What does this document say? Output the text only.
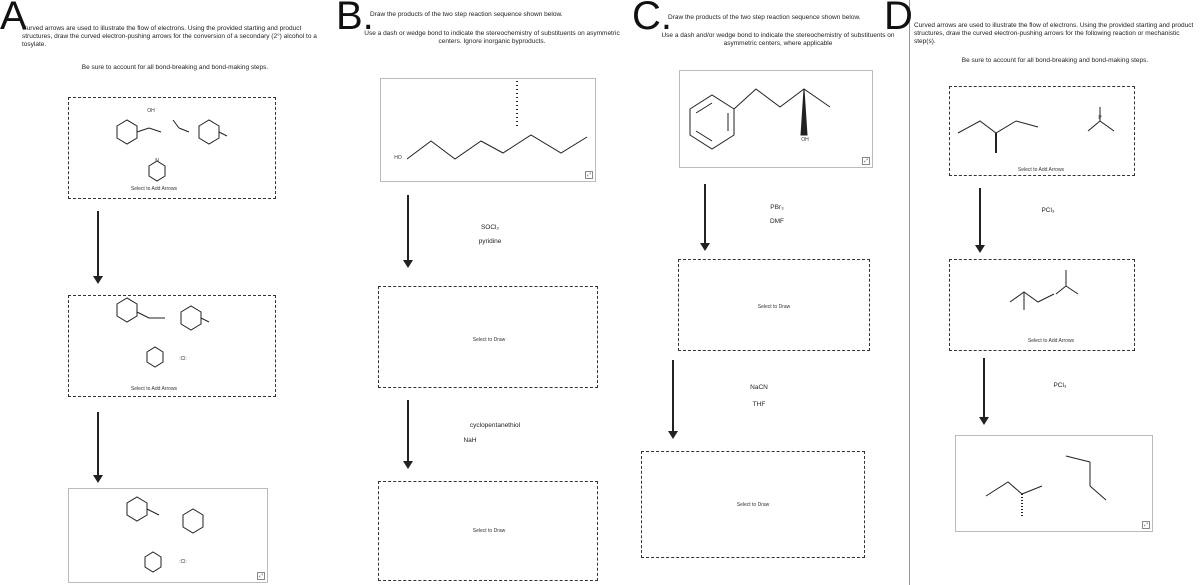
A
Curved arrows are used to illustrate the flow of electrons. Using the provided starting and product structures, draw the curved electron-pushing arrows for the conversion of a secondary (2°) alcohol to a tosylate.
Be sure to account for all bond-breaking and bond-making steps.
OH
N
Select to Add Arrows
:Cl:
Select to Add Arrows
:Cl:
⤢
B.
Draw the products of the two step reaction sequence shown below.
Use a dash or wedge bond to indicate the stereochemistry of substituents on asymmetric centers. Ignore inorganic byproducts.
HO
⤢
SOCl₂
pyridine
Select to Draw
cyclopentanethiol
NaH
Select to Draw
C.
Draw the products of the two step reaction sequence shown below.
Use a dash and/or wedge bond to indicate the stereochemistry of substituents on asymmetric centers, where applicable
D
OH
⤢
PBr₃
DMF
Select to Draw
NaCN
THF
Select to Draw
Curved arrows are used to illustrate the flow of electrons. Using the provided starting and product structures, draw the curved electron-pushing arrows for the following reaction or mechanistic step(s).
Be sure to account for all bond-breaking and bond-making steps.
P
Select to Add Arrows
PCl₃
Select to Add Arrows
PCl₃
⤢
